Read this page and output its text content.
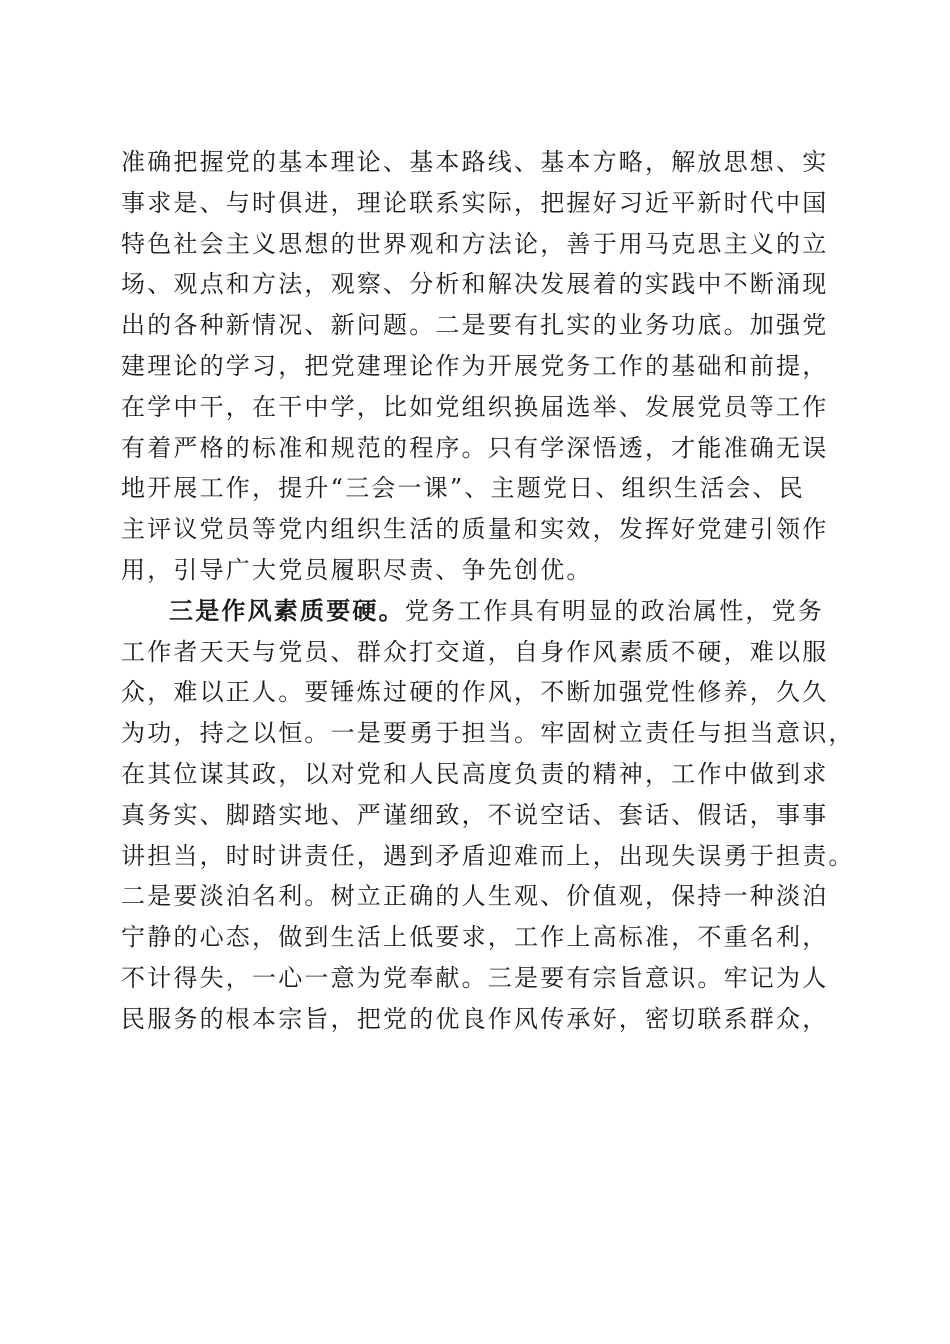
准确把握党的基本理论、基本路线、基本方略，解放思想、实
事求是、与时俱进，理论联系实际，把握好习近平新时代中国
特色社会主义思想的世界观和方法论，善于用马克思主义的立
场、观点和方法，观察、分析和解决发展着的实践中不断涌现
出的各种新情况、新问题。二是要有扎实的业务功底。加强党
建理论的学习，把党建理论作为开展党务工作的基础和前提，
在学中干，在干中学，比如党组织换届选举、发展党员等工作
有着严格的标准和规范的程序。只有学深悟透，才能准确无误
地开展工作，提升“三会一课”、主题党日、组织生活会、民
主评议党员等党内组织生活的质量和实效，发挥好党建引领作
用，引导广大党员履职尽责、争先创优。
三是作风素质要硬。党务工作具有明显的政治属性，党务
工作者天天与党员、群众打交道，自身作风素质不硬，难以服
众，难以正人。要锤炼过硬的作风，不断加强党性修养，久久
为功，持之以恒。一是要勇于担当。牢固树立责任与担当意识，
在其位谋其政，以对党和人民高度负责的精神，工作中做到求
真务实、脚踏实地、严谨细致，不说空话、套话、假话，事事
讲担当，时时讲责任，遇到矛盾迎难而上，出现失误勇于担责。
二是要淡泊名利。树立正确的人生观、价值观，保持一种淡泊
宁静的心态，做到生活上低要求，工作上高标准，不重名利，
不计得失，一心一意为党奉献。三是要有宗旨意识。牢记为人
民服务的根本宗旨，把党的优良作风传承好，密切联系群众，
